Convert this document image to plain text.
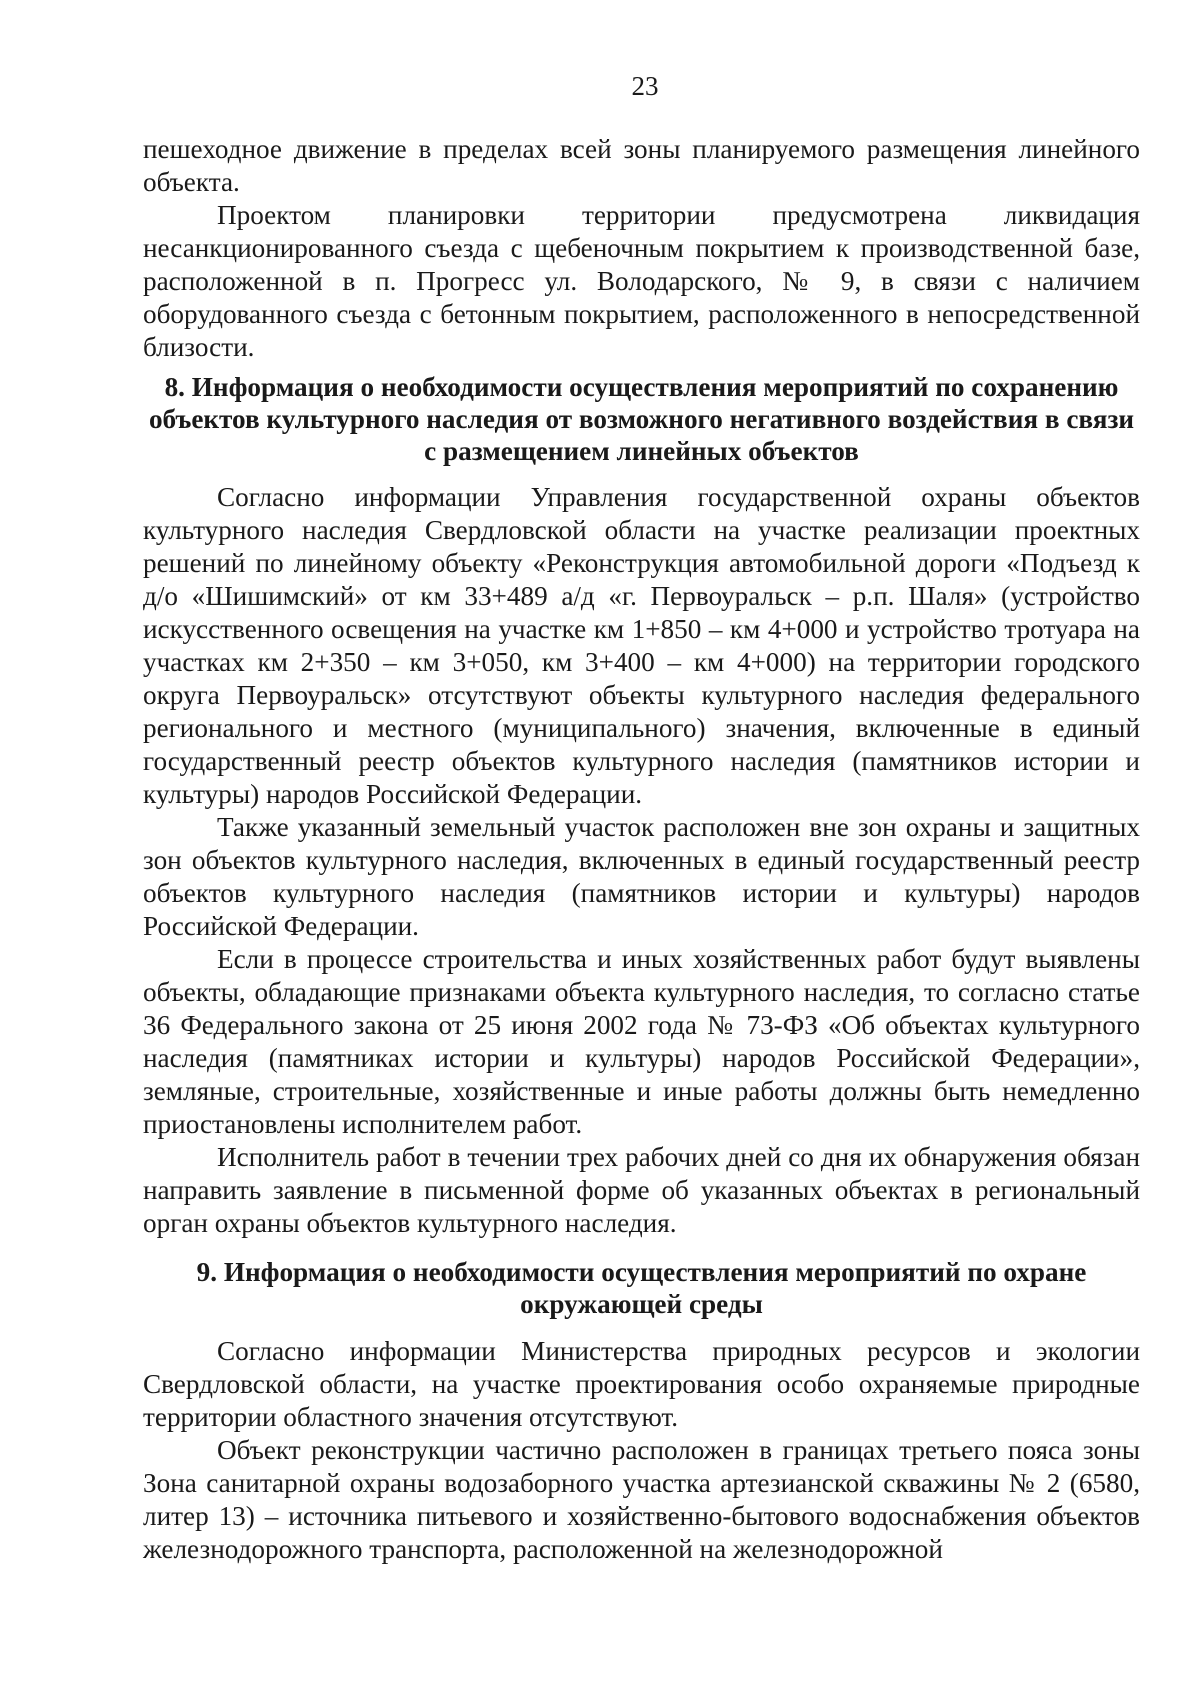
23

пешеходное движение в пределах всей зоны планируемого размещения линейного объекта.

Проектом планировки территории предусмотрена ликвидация несанкционированного съезда с щебеночным покрытием к производственной базе, расположенной в п. Прогресс ул. Володарского, № 9, в связи с наличием оборудованного съезда с бетонным покрытием, расположенного в непосредственной близости.

8. Информация о необходимости осуществления мероприятий по сохранению объектов культурного наследия от возможного негативного воздействия в связи с размещением линейных объектов

Согласно информации Управления государственной охраны объектов культурного наследия Свердловской области на участке реализации проектных решений по линейному объекту «Реконструкция автомобильной дороги «Подъезд к д/о «Шишимский» от км 33+489 а/д «г. Первоуральск – р.п. Шаля» (устройство искусственного освещения на участке км 1+850 – км 4+000 и устройство тротуара на участках км 2+350 – км 3+050, км 3+400 – км 4+000) на территории городского округа Первоуральск» отсутствуют объекты культурного наследия федерального регионального и местного (муниципального) значения, включенные в единый государственный реестр объектов культурного наследия (памятников истории и культуры) народов Российской Федерации.

Также указанный земельный участок расположен вне зон охраны и защитных зон объектов культурного наследия, включенных в единый государственный реестр объектов культурного наследия (памятников истории и культуры) народов Российской Федерации.

Если в процессе строительства и иных хозяйственных работ будут выявлены объекты, обладающие признаками объекта культурного наследия, то согласно статье 36 Федерального закона от 25 июня 2002 года № 73-ФЗ «Об объектах культурного наследия (памятниках истории и культуры) народов Российской Федерации», земляные, строительные, хозяйственные и иные работы должны быть немедленно приостановлены исполнителем работ.

Исполнитель работ в течении трех рабочих дней со дня их обнаружения обязан направить заявление в письменной форме об указанных объектах в региональный орган охраны объектов культурного наследия.

9. Информация о необходимости осуществления мероприятий по охране окружающей среды

Согласно информации Министерства природных ресурсов и экологии Свердловской области, на участке проектирования особо охраняемые природные территории областного значения отсутствуют.

Объект реконструкции частично расположен в границах третьего пояса зоны Зона санитарной охраны водозаборного участка артезианской скважины № 2 (6580, литер 13) – источника питьевого и хозяйственно-бытового водоснабжения объектов железнодорожного транспорта, расположенной на железнодорожной
